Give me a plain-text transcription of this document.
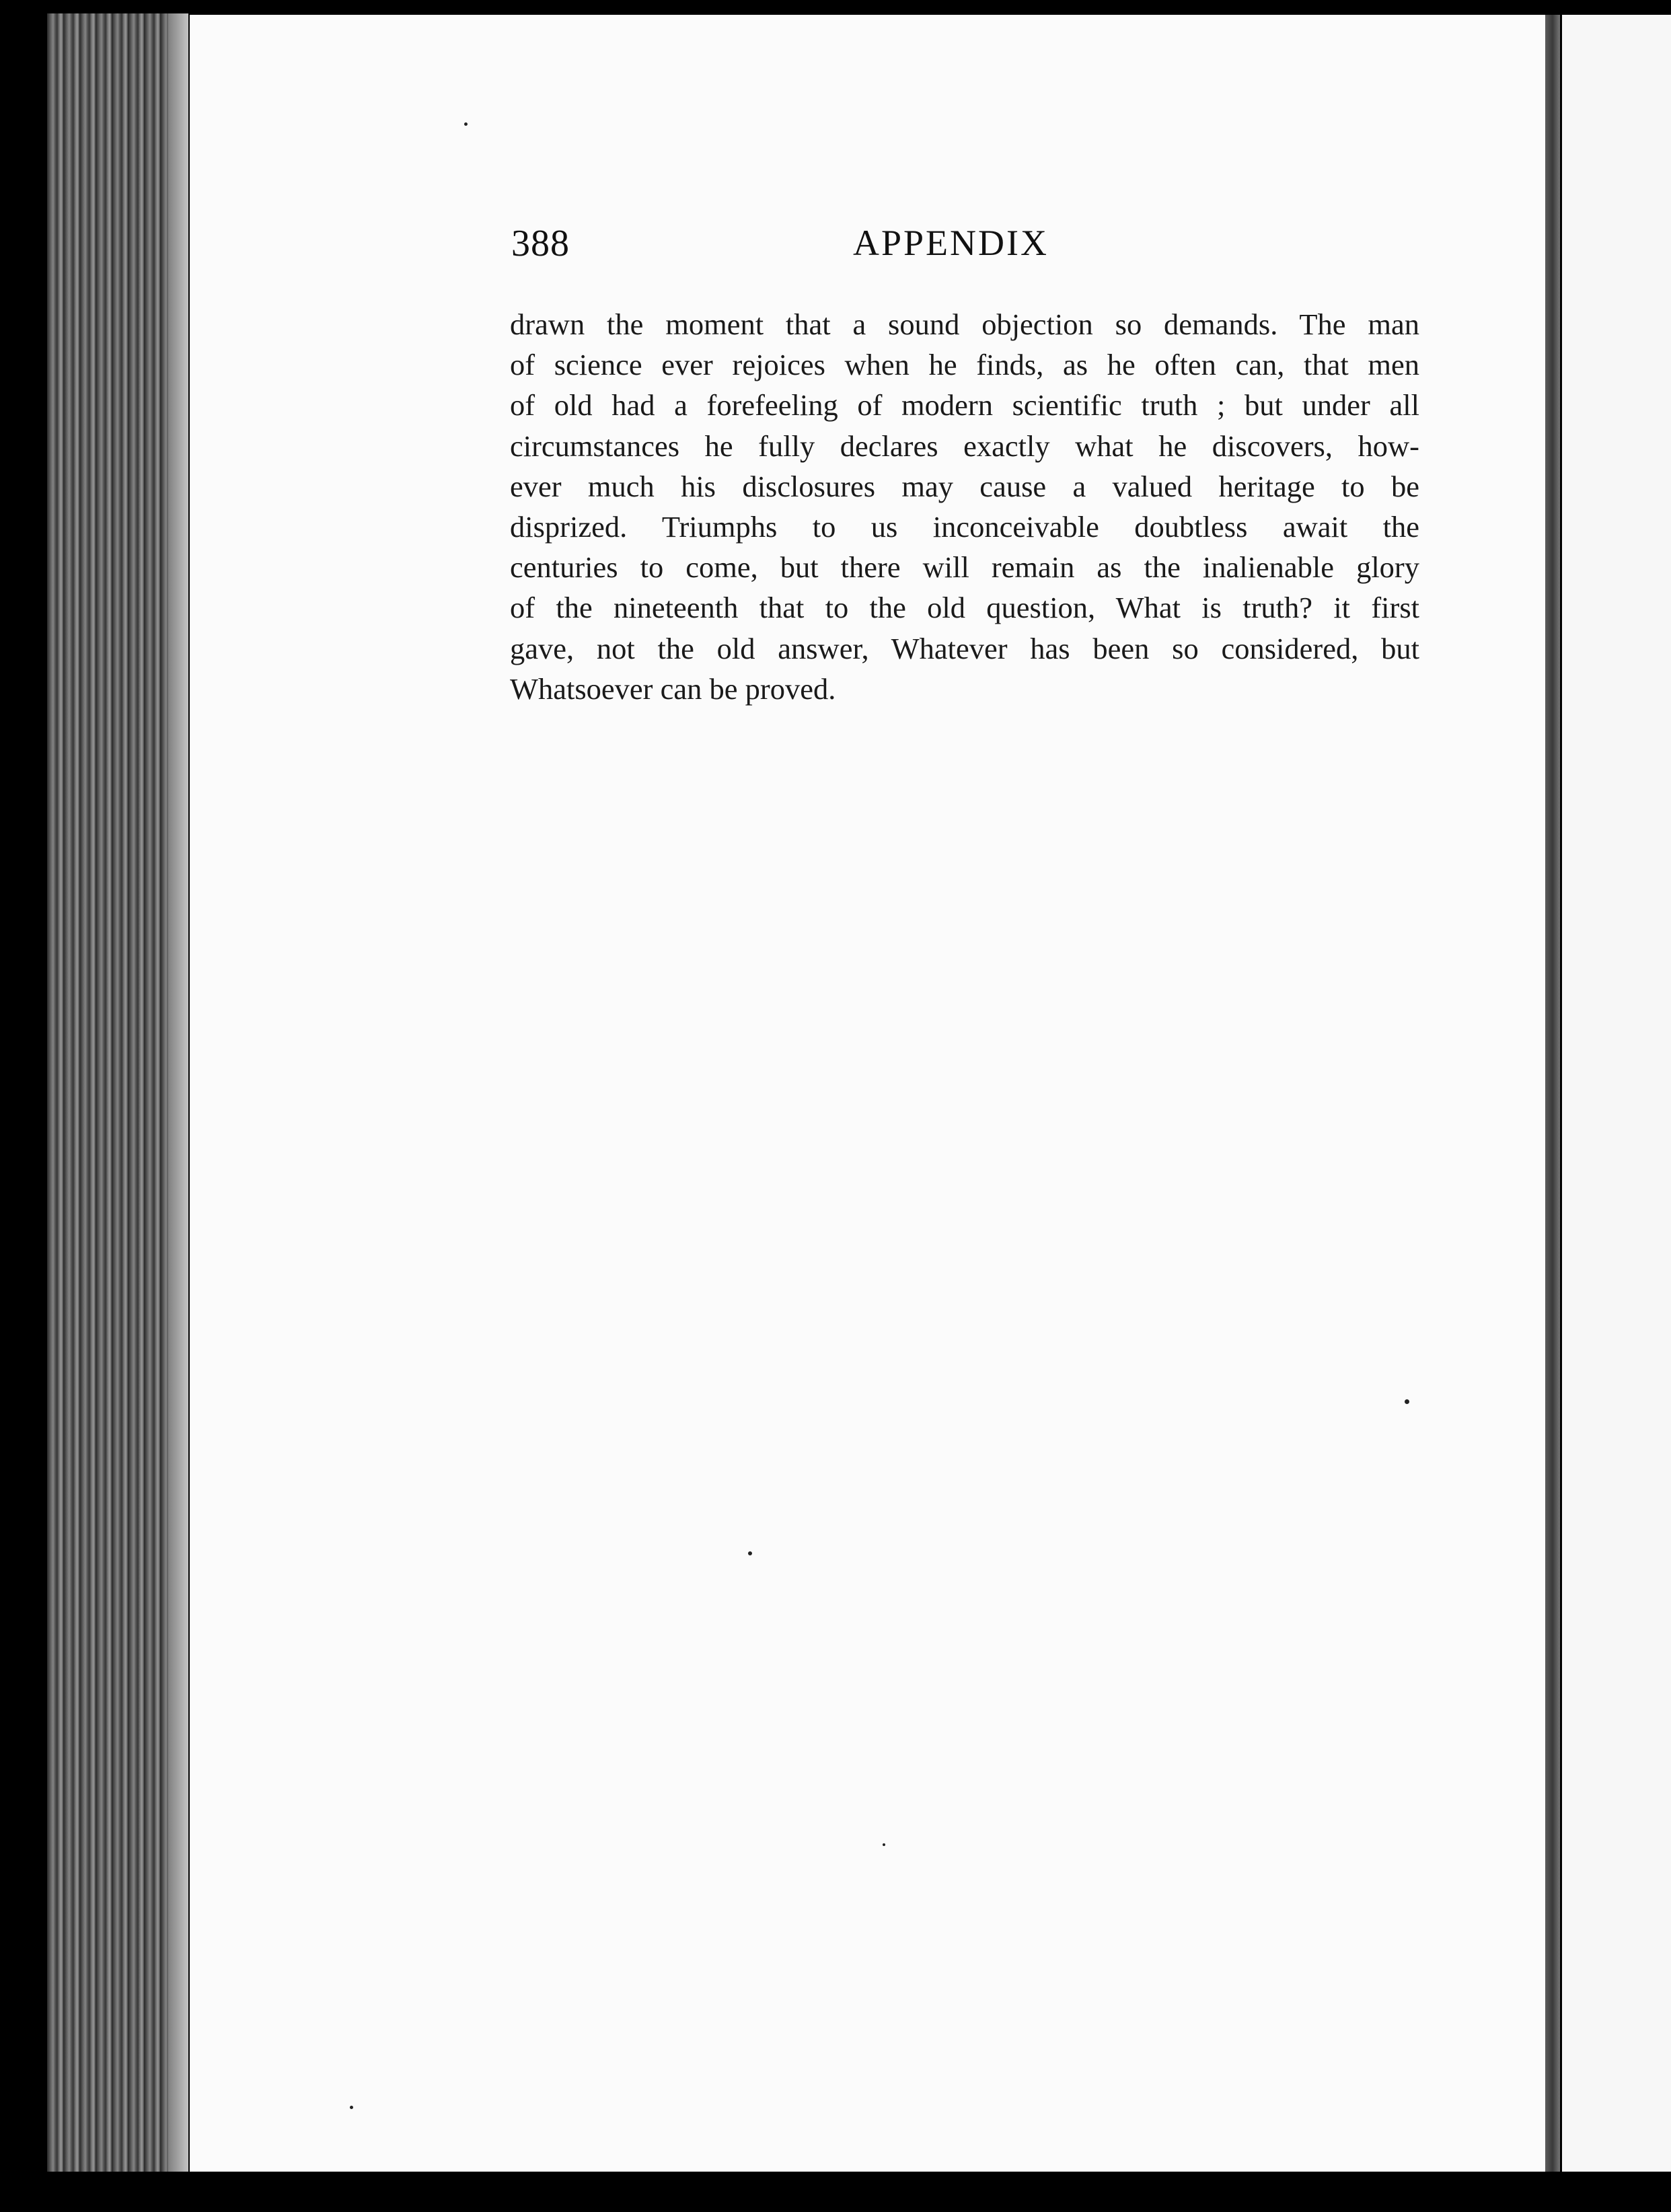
388	APPENDIX
drawn the moment that a sound objection so demands. The man
of science ever rejoices when he finds, as he often can, that men
of old had a forefeeling of modern scientific truth ; but under all
circumstances he fully declares exactly what he discovers, how-
ever much his disclosures may cause a valued heritage to be
disprized. Triumphs to us inconceivable doubtless await the
centuries to come, but there will remain as the inalienable glory
of the nineteenth that to the old question, What is truth? it first
gave, not the old answer, Whatever has been so considered, but
Whatsoever can be proved.
